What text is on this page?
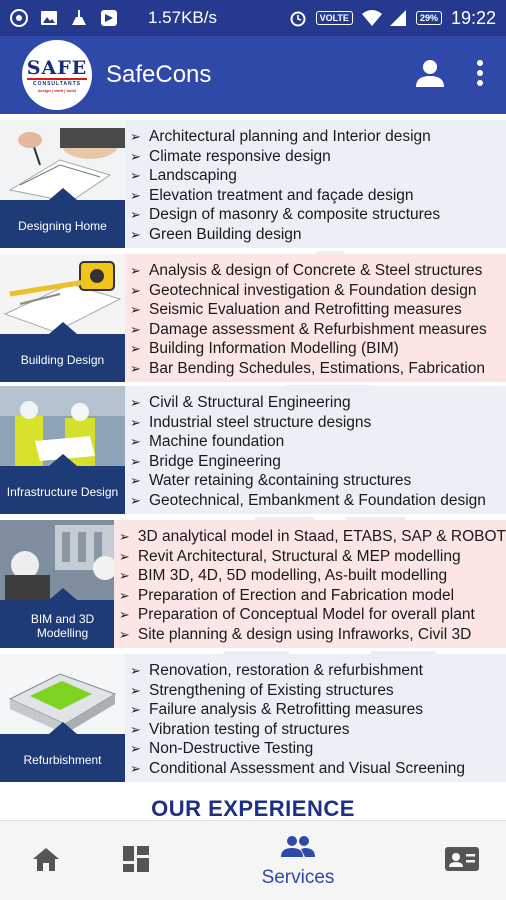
1.57KB/s	VOLTE	29% 19:22
SAFE
CONSULTANTS
design | draft | build
SafeCons
Designing Home
➢ Architectural planning and Interior design
➢ Climate responsive design
➢ Landscaping
➢ Elevation treatment and façade design
➢ Design of masonry & composite structures
➢ Green Building design
Building Design
➢ Analysis & design of Concrete & Steel structures
➢ Geotechnical investigation & Foundation design
➢ Seismic Evaluation and Retrofitting measures
➢ Damage assessment & Refurbishment measures
➢ Building Information Modelling (BIM)
➢ Bar Bending Schedules, Estimations, Fabrication
Infrastructure Design
➢ Civil & Structural Engineering
➢ Industrial steel structure designs
➢ Machine foundation
➢ Bridge Engineering
➢ Water retaining &containing structures
➢ Geotechnical, Embankment & Foundation design
BIM and 3D Modelling
➢ 3D analytical model in Staad, ETABS, SAP & ROBOT
➢ Revit Architectural, Structural & MEP modelling
➢ BIM 3D, 4D, 5D modelling, As-built modelling
➢ Preparation of Erection and Fabrication model
➢ Preparation of Conceptual Model for overall plant
➢ Site planning & design using Infraworks, Civil 3D
Refurbishment
➢ Renovation, restoration & refurbishment
➢ Strengthening of Existing structures
➢ Failure analysis & Retrofitting measures
➢ Vibration testing of structures
➢ Non-Destructive Testing
➢ Conditional Assessment and Visual Screening
OUR EXPERIENCE
Services
